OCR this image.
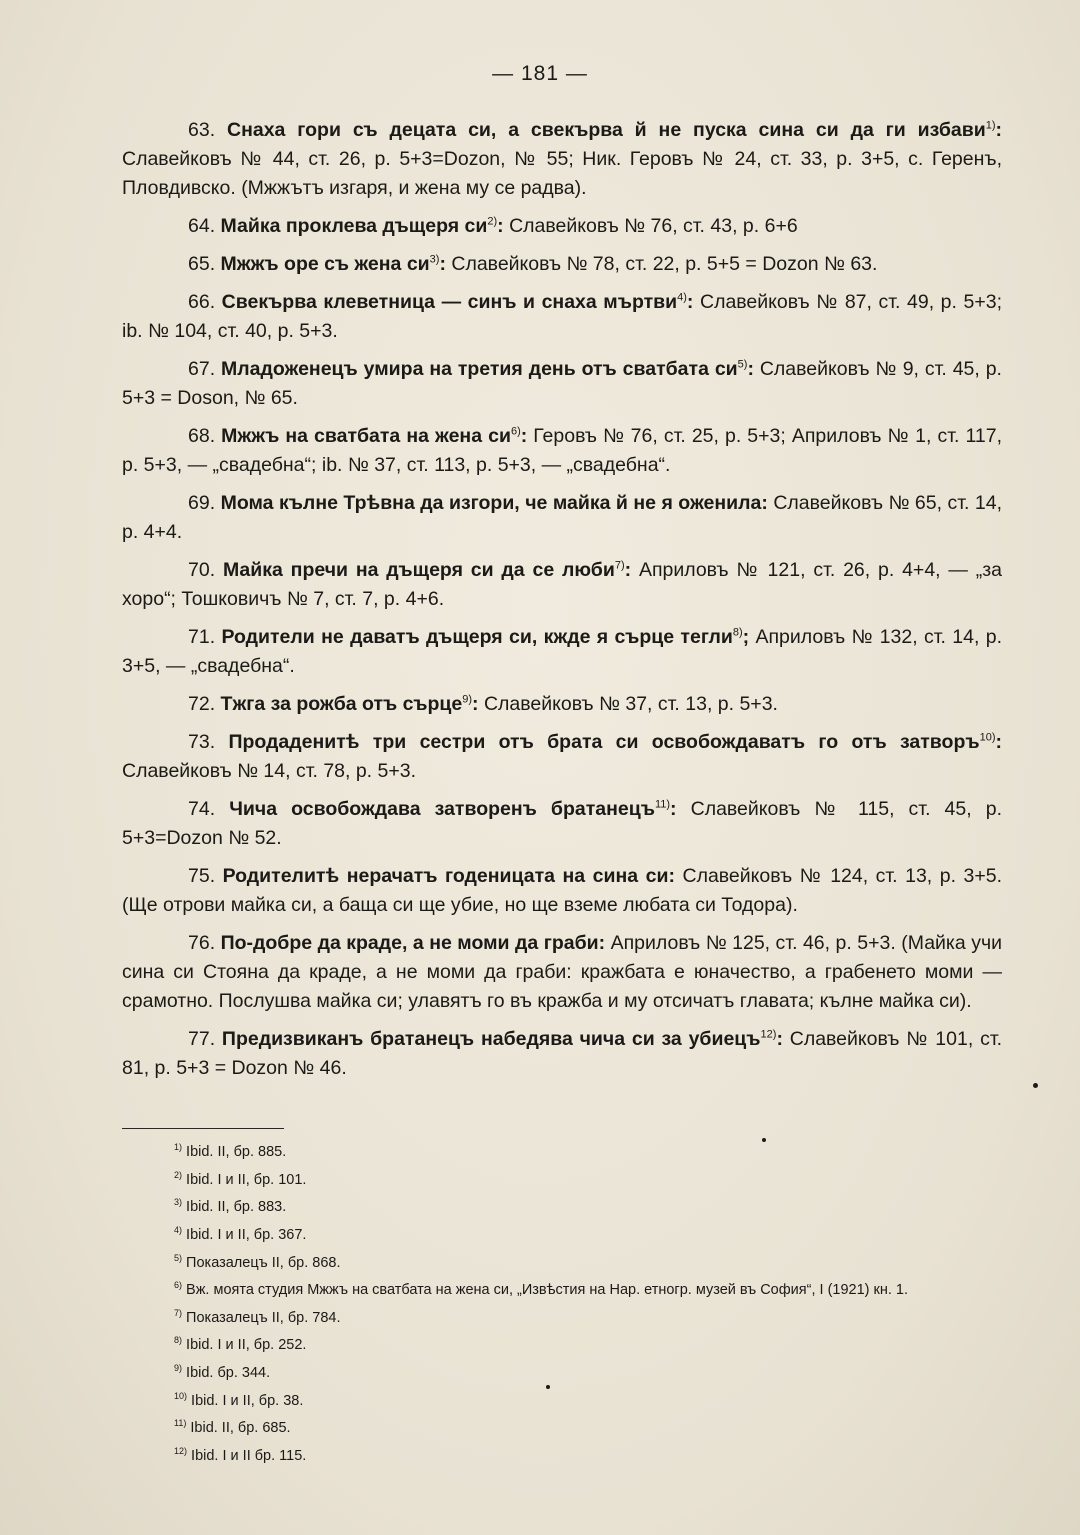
— 181 —

63. Снаха гори съ децата си, а свекърва й не пуска сина си да ги избави$^{1)}$: Славейковъ № 44, ст. 26, р. 5+3=Dozon, № 55; Ник. Геровъ № 24, ст. 33, р. 3+5, с. Геренъ, Пловдивско. (Мжжътъ изгаря, и жена му се радва).

64. Майка проклева дъщеря си$^{2)}$: Славейковъ № 76, ст. 43, р. 6+6

65. Мжжъ оре съ жена си$^{3)}$: Славейковъ № 78, ст. 22, р. 5+5 = Dozon № 63.

66. Свекърва клеветница — синъ и снаха мъртви$^{4)}$: Славейковъ № 87, ст. 49, р. 5+3; ib. № 104, ст. 40, р. 5+3.

67. Младоженецъ умира на третия день отъ сватбата си$^{5)}$: Славейковъ № 9, ст. 45, р. 5+3 = Doson, № 65.

68. Мжжъ на сватбата на жена си$^{6)}$: Геровъ № 76, ст. 25, р. 5+3; Априловъ № 1, ст. 117, р. 5+3, — „свадебна“; ib. № 37, ст. 113, р. 5+3, — „свадебна“.

69. Мома кълне Трѣвна да изгори, че майка й не я оженила: Славейковъ № 65, ст. 14, р. 4+4.

70. Майка пречи на дъщеря си да се люби$^{7)}$: Априловъ № 121, ст. 26, р. 4+4, — „за хоро“; Тошковичъ № 7, ст. 7, р. 4+6.

71. Родители не даватъ дъщеря си, кжде я сърце тегли$^{8)}$; Априловъ № 132, ст. 14, р. 3+5, — „свадебна“.

72. Тжга за рожба отъ сърце$^{9)}$: Славейковъ № 37, ст. 13, р. 5+3.

73. Продаденитѣ три сестри отъ брата си освобождаватъ го отъ затворъ$^{10)}$: Славейковъ № 14, ст. 78, р. 5+3.

74. Чича освобождава затворенъ братанецъ$^{11)}$: Славейковъ № 115, ст. 45, р. 5+3=Dozon № 52.

75. Родителитѣ нерачатъ годеницата на сина си: Славейковъ № 124, ст. 13, р. 3+5. (Ще отрови майка си, а баща си ще убие, но ще вземе любата си Тодора).

76. По-добре да краде, а не моми да граби: Априловъ № 125, ст. 46, р. 5+3. (Майка учи сина си Стояна да краде, а не моми да граби: кражбата е юначество, а грабенето моми — срамотно. Послушва майка си; улавятъ го въ кражба и му отсичатъ главата; кълне майка си).

77. Предизвиканъ братанецъ набедява чича си за убиецъ$^{12)}$: Славейковъ № 101, ст. 81, р. 5+3 = Dozon № 46.

$^{1)}$ Ibid. II, бр. 885.
$^{2)}$ Ibid. I и II, бр. 101.
$^{3)}$ Ibid. II, бр. 883.
$^{4)}$ Ibid. I и II, бр. 367.
$^{5)}$ Показалецъ II, бр. 868.
$^{6)}$ Вж. моята студия Мжжъ на сватбата на жена си, „Извѣстия на Нар. етногр. музей въ София“, I (1921) кн. 1.
$^{7)}$ Показалецъ II, бр. 784.
$^{8)}$ Ibid. I и II, бр. 252.
$^{9)}$ Ibid. бр. 344.
$^{10)}$ Ibid. I и II, бр. 38.
$^{11)}$ Ibid. II, бр. 685.
$^{12)}$ Ibid. I и II бр. 115.
